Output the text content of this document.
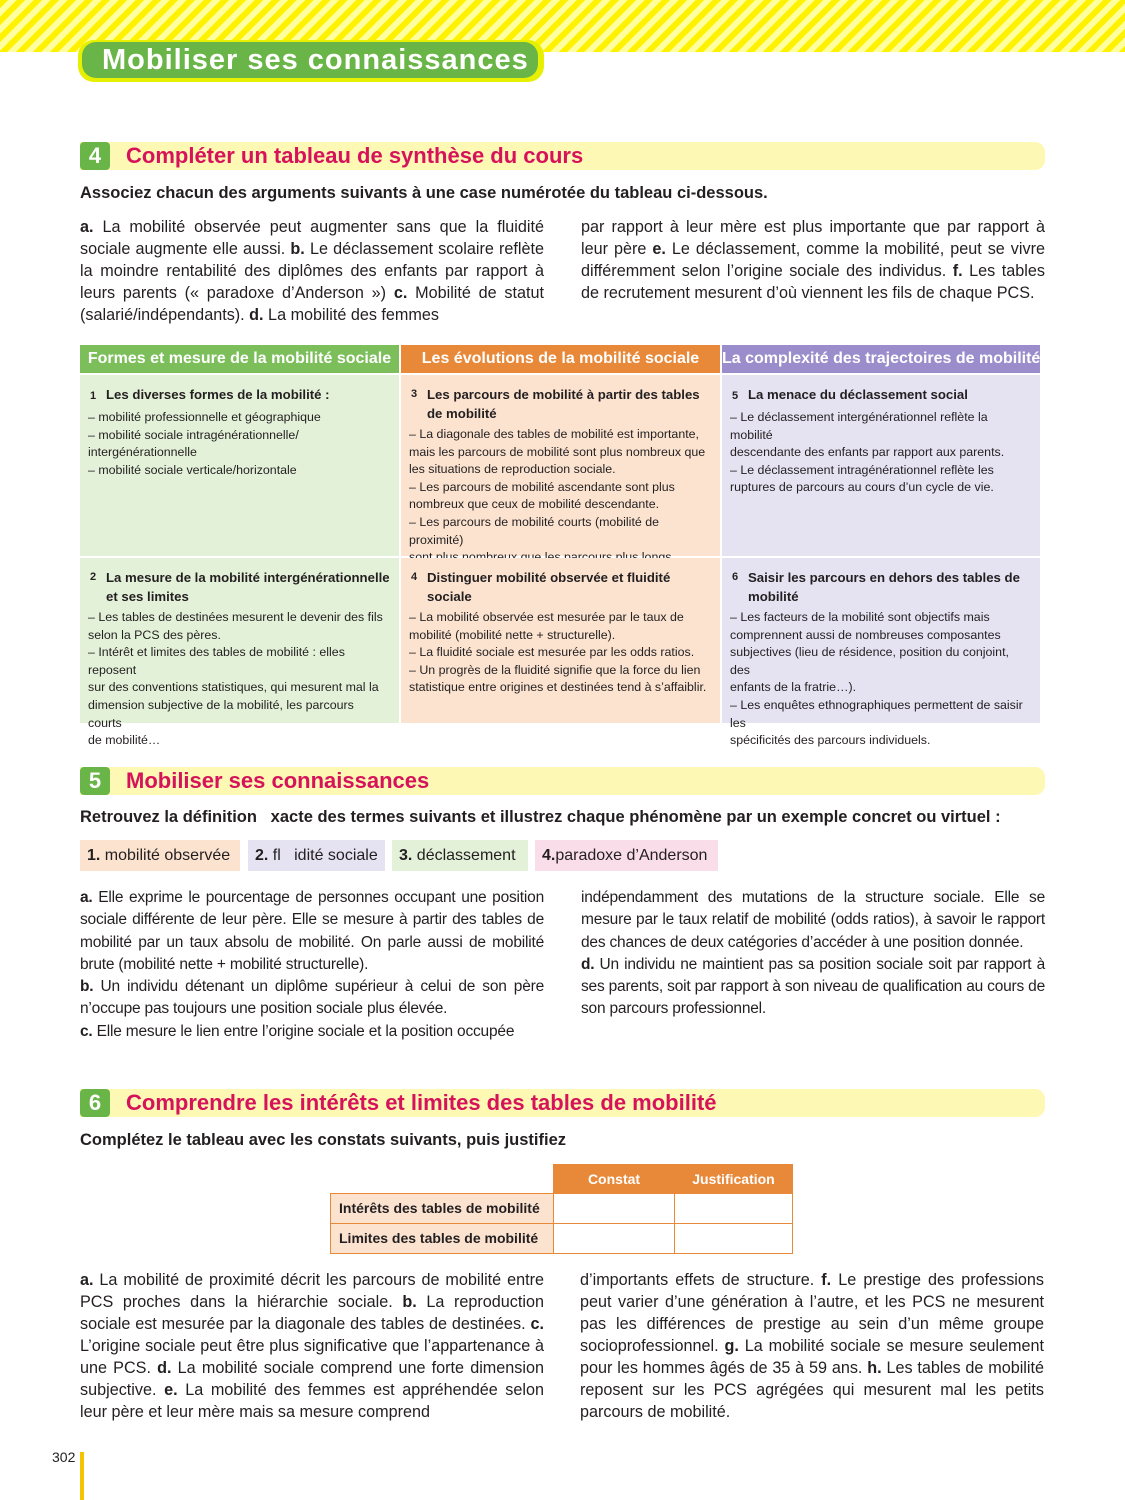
Mobiliser ses connaissances
4	Compléter un tableau de synthèse du cours
Associez chacun des arguments suivants à une case numérotée du tableau ci-dessous.
a. La mobilité observée peut augmenter sans que la fluidité sociale augmente elle aussi. b. Le déclassement scolaire reflète la moindre rentabilité des diplômes des enfants par rapport à leurs parents (« paradoxe d’Anderson ») c. Mobilité de statut (salarié/indépendants). d. La mobilité des femmes
par rapport à leur mère est plus importante que par rapport à leur père e. Le déclassement, comme la mobilité, peut se vivre différemment selon l’origine sociale des individus. f. Les tables de recrutement mesurent d’où viennent les fils de chaque PCS.
Formes et mesure de la mobilité sociale	Les évolutions de la mobilité sociale	La complexité des trajectoires de mobilité
1 Les diverses formes de la mobilité :
– mobilité professionnelle et géographique
– mobilité sociale intragénérationnelle/
intergénérationnelle
– mobilité sociale verticale/horizontale
3 Les parcours de mobilité à partir des tables de mobilité
– La diagonale des tables de mobilité est importante,
mais les parcours de mobilité sont plus nombreux que
les situations de reproduction sociale.
– Les parcours de mobilité ascendante sont plus
nombreux que ceux de mobilité descendante.
– Les parcours de mobilité courts (mobilité de proximité)
5 La menace du déclassement social
– Le déclassement intergénérationnel reflète la mobilité
descendante des enfants par rapport aux parents.
– Le déclassement intragénérationnel reflète les
ruptures de parcours au cours d’un cycle de vie.
2 La mesure de la mobilité intergénérationnelle et ses limites
– Les tables de destinées mesurent le devenir des fils
selon la PCS des pères.
– Intérêt et limites des tables de mobilité : elles reposent
sur des conventions statistiques, qui mesurent mal la
dimension subjective de la mobilité, les parcours courts
de mobilité…
4 Distinguer mobilité observée et fluidité sociale
– La mobilité observée est mesurée par le taux de
mobilité (mobilité nette + structurelle).
– La fluidité sociale est mesurée par les odds ratios.
– Un progrès de la fluidité signifie que la force du lien
statistique entre origines et destinées tend à s’affaiblir.
6 Saisir les parcours en dehors des tables de mobilité
– Les facteurs de la mobilité sont objectifs mais
comprennent aussi de nombreuses composantes
subjectives (lieu de résidence, position du conjoint, des
enfants de la fratrie…).
– Les enquêtes ethnographiques permettent de saisir les
spécificités des parcours individuels.
5	Mobiliser ses connaissances
Retrouvez la définition   xacte des termes suivants et illustrez chaque phénomène par un exemple concret ou virtuel :
1. mobilité observée	2. fl   idité sociale	3. déclassement	4.paradoxe d’Anderson
a. Elle exprime le pourcentage de personnes occupant une position sociale différente de leur père. Elle se mesure à partir des tables de mobilité par un taux absolu de mobilité. On parle aussi de mobilité brute (mobilité nette + mobilité structurelle).
b. Un individu détenant un diplôme supérieur à celui de son père n’occupe pas toujours une position sociale plus élevée.
c. Elle mesure le lien entre l’origine sociale et la position occupée
indépendamment des mutations de la structure sociale. Elle se mesure par le taux relatif de mobilité (odds ratios), à savoir le rapport des chances de deux catégories d’accéder à une position donnée.
d. Un individu ne maintient pas sa position sociale soit par rapport à ses parents, soit par rapport à son niveau de qualification au cours de son parcours professionnel.
6	Comprendre les intérêts et limites des tables de mobilité
Complétez le tableau avec les constats suivants, puis justifiez
Constat	Justification
Intérêts des tables de mobilité
Limites des tables de mobilité
a. La mobilité de proximité décrit les parcours de mobilité entre PCS proches dans la hiérarchie sociale. b. La reproduction sociale est mesurée par la diagonale des tables de destinées. c. L’origine sociale peut être plus significative que l’appartenance à une PCS. d. La mobilité sociale comprend une forte dimension subjective. e. La mobilité des femmes est appréhendée selon leur père et leur mère mais sa mesure comprend
d’importants effets de structure. f. Le prestige des professions peut varier d’une génération à l’autre, et les PCS ne mesurent pas les différences de prestige au sein d’un même groupe socioprofessionnel. g. La mobilité sociale se mesure seulement pour les hommes âgés de 35 à 59 ans. h. Les tables de mobilité reposent sur les PCS agrégées qui mesurent mal les petits parcours de mobilité.
302
